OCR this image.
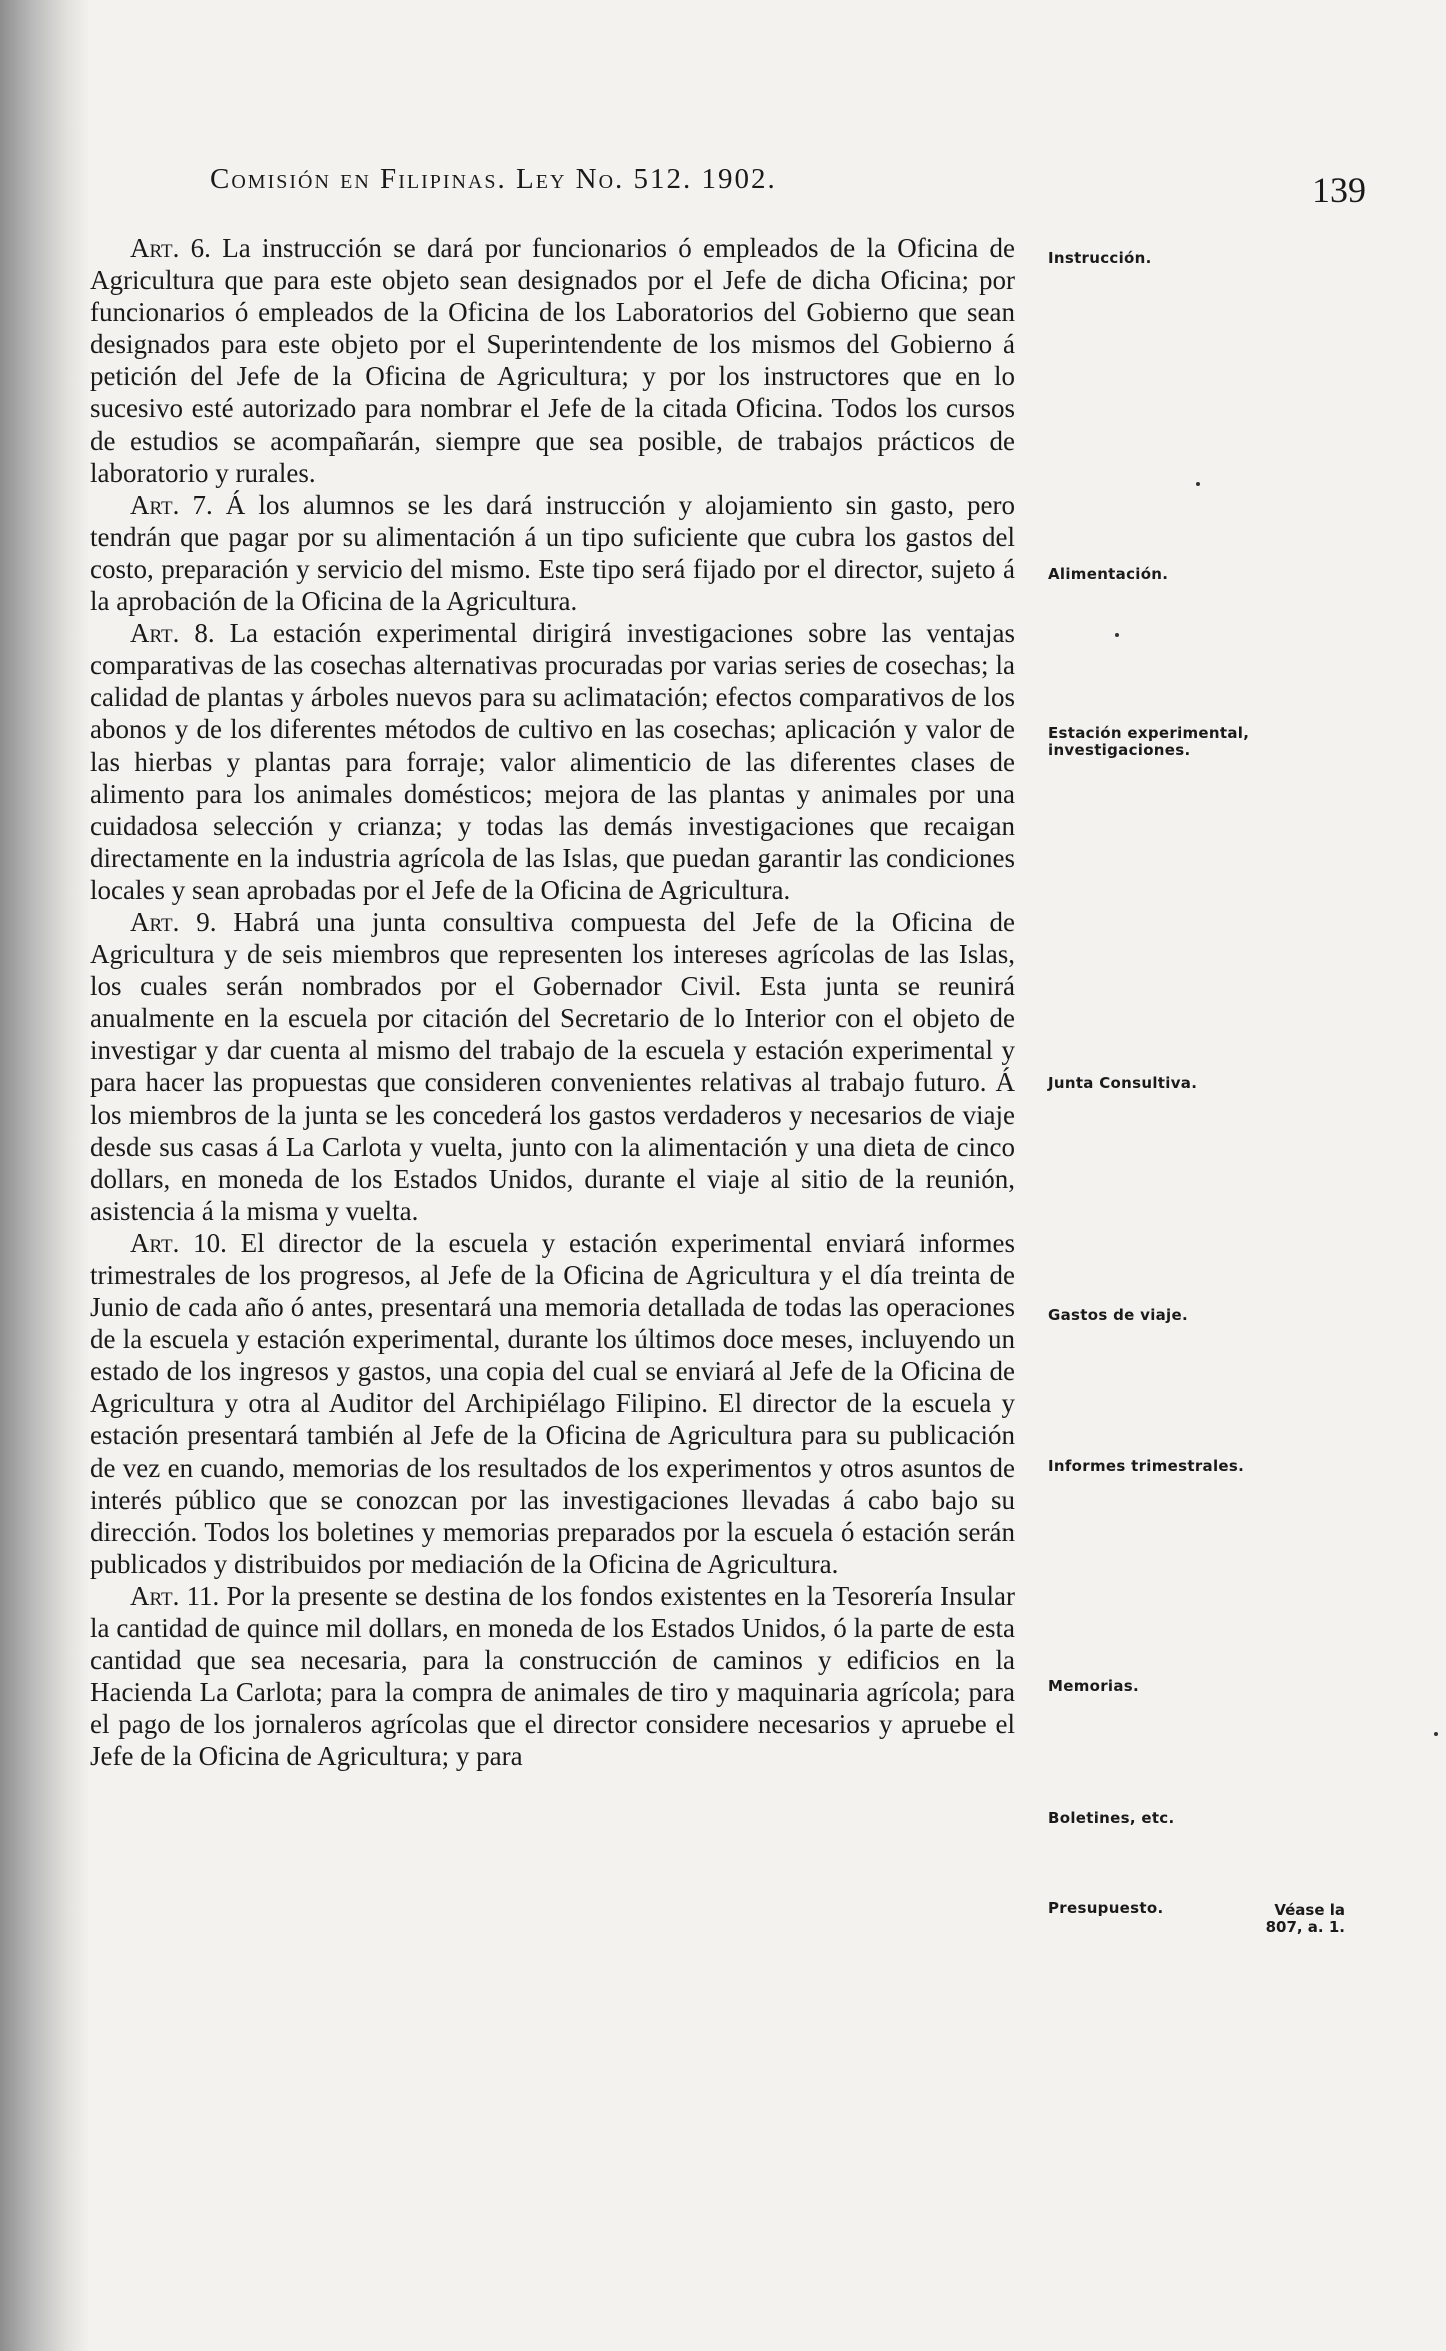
Comisión en Filipinas. Ley No. 512. 1902.	139

Art. 6. La instrucción se dará por funcionarios ó empleados de la Oficina de Agricultura que para este objeto sean designados por el Jefe de dicha Oficina; por funcionarios ó empleados de la Oficina de los Laboratorios del Gobierno que sean designados para este objeto por el Superintendente de los mismos del Gobierno á petición del Jefe de la Oficina de Agricultura; y por los instructores que en lo sucesivo esté autorizado para nombrar el Jefe de la citada Oficina. Todos los cursos de estudios se acompañarán, siempre que sea posible, de trabajos prácticos de laboratorio y rurales.

Art. 7. Á los alumnos se les dará instrucción y alojamiento sin gasto, pero tendrán que pagar por su alimentación á un tipo suficiente que cubra los gastos del costo, preparación y servicio del mismo. Este tipo será fijado por el director, sujeto á la aprobación de la Oficina de la Agricultura.

Art. 8. La estación experimental dirigirá investigaciones sobre las ventajas comparativas de las cosechas alternativas procuradas por varias series de cosechas; la calidad de plantas y árboles nuevos para su aclimatación; efectos comparativos de los abonos y de los diferentes métodos de cultivo en las cosechas; aplicación y valor de las hierbas y plantas para forraje; valor alimenticio de las diferentes clases de alimento para los animales domésticos; mejora de las plantas y animales por una cuidadosa selección y crianza; y todas las demás investigaciones que recaigan directamente en la industria agrícola de las Islas, que puedan garantir las condiciones locales y sean aprobadas por el Jefe de la Oficina de Agricultura.

Art. 9. Habrá una junta consultiva compuesta del Jefe de la Oficina de Agricultura y de seis miembros que representen los intereses agrícolas de las Islas, los cuales serán nombrados por el Gobernador Civil. Esta junta se reunirá anualmente en la escuela por citación del Secretario de lo Interior con el objeto de investigar y dar cuenta al mismo del trabajo de la escuela y estación experimental y para hacer las propuestas que consideren convenientes relativas al trabajo futuro. Á los miembros de la junta se les concederá los gastos verdaderos y necesarios de viaje desde sus casas á La Carlota y vuelta, junto con la alimentación y una dieta de cinco dollars, en moneda de los Estados Unidos, durante el viaje al sitio de la reunión, asistencia á la misma y vuelta.

Art. 10. El director de la escuela y estación experimental enviará informes trimestrales de los progresos, al Jefe de la Oficina de Agricultura y el día treinta de Junio de cada año ó antes, presentará una memoria detallada de todas las operaciones de la escuela y estación experimental, durante los últimos doce meses, incluyendo un estado de los ingresos y gastos, una copia del cual se enviará al Jefe de la Oficina de Agricultura y otra al Auditor del Archipiélago Filipino. El director de la escuela y estación presentará también al Jefe de la Oficina de Agricultura para su publicación de vez en cuando, memorias de los resultados de los experimentos y otros asuntos de interés público que se conozcan por las investigaciones llevadas á cabo bajo su dirección. Todos los boletines y memorias preparados por la escuela ó estación serán publicados y distribuidos por mediación de la Oficina de Agricultura.

Art. 11. Por la presente se destina de los fondos existentes en la Tesorería Insular la cantidad de quince mil dollars, en moneda de los Estados Unidos, ó la parte de esta cantidad que sea necesaria, para la construcción de caminos y edificios en la Hacienda La Carlota; para la compra de animales de tiro y maquinaria agrícola; para el pago de los jornaleros agrícolas que el director considere necesarios y apruebe el Jefe de la Oficina de Agricultura; y para

Instrucción.
Alimentación.
Estación experimental, investigaciones.
Junta Consultiva.
Gastos de viaje.
Informes trimestrales.
Memorias.
Boletines, etc.
Presupuesto.	Véase la 807, a. 1.
